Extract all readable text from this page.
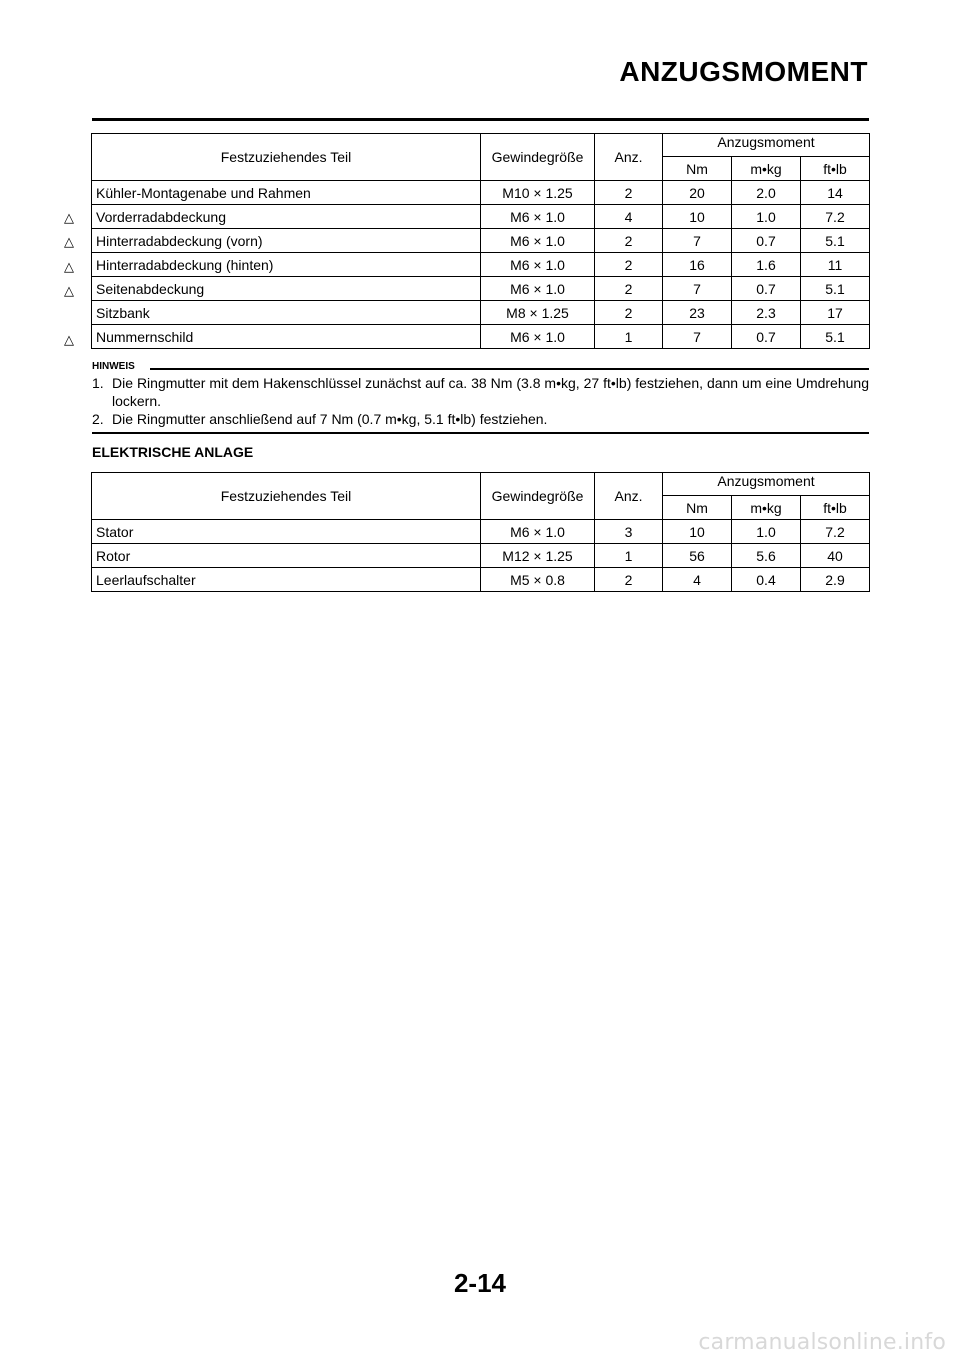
ANZUGSMOMENT
Festzuziehendes Teil	Gewindegröße	Anz.	Anzugsmoment		
			Nm	m•kg	ft•lb
Kühler-Montagenabe und Rahmen	M10 × 1.25	2	20	2.0	14
Vorderradabdeckung	M6 × 1.0	4	10	1.0	7.2
Hinterradabdeckung (vorn)	M6 × 1.0	2	7	0.7	5.1
Hinterradabdeckung (hinten)	M6 × 1.0	2	16	1.6	11
Seitenabdeckung	M6 × 1.0	2	7	0.7	5.1
Sitzbank	M8 × 1.25	2	23	2.3	17
Nummernschild	M6 × 1.0	1	7	0.7	5.1
△
△
△
△
△
HINWEIS
1. Die Ringmutter mit dem Hakenschlüssel zunächst auf ca. 38 Nm (3.8 m•kg, 27 ft•lb) festziehen, dann um eine Umdrehung lockern.
2. Die Ringmutter anschließend auf 7 Nm (0.7 m•kg, 5.1 ft•lb) festziehen.
ELEKTRISCHE ANLAGE
Festzuziehendes Teil	Gewindegröße	Anz.	Anzugsmoment		
			Nm	m•kg	ft•lb
Stator	M6 × 1.0	3	10	1.0	7.2
Rotor	M12 × 1.25	1	56	5.6	40
Leerlaufschalter	M5 × 0.8	2	4	0.4	2.9
2-14
carmanualsonline.info
